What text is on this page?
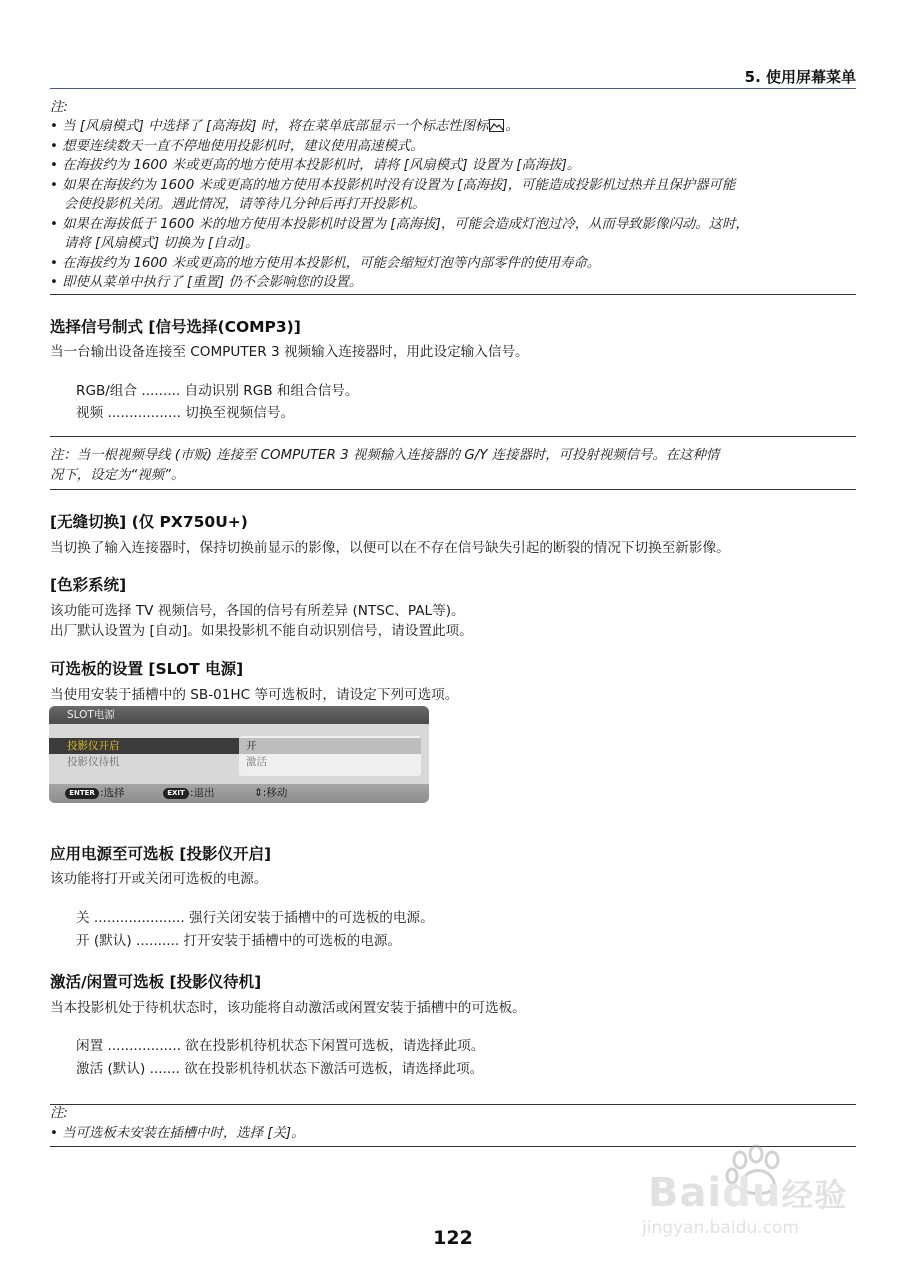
5. 使用屏幕菜单
注:
• 当 [风扇模式] 中选择了 [高海拔] 时，将在菜单底部显示一个标志性图标 。
• 想要连续数天一直不停地使用投影机时，建议使用高速模式。
• 在海拔约为 1600 米或更高的地方使用本投影机时，请将 [风扇模式] 设置为 [高海拔]。
• 如果在海拔约为 1600 米或更高的地方使用本投影机时没有设置为 [高海拔]，可能造成投影机过热并且保护器可能
会使投影机关闭。遇此情况，请等待几分钟后再打开投影机。
• 如果在海拔低于 1600 米的地方使用本投影机时设置为 [高海拔]，可能会造成灯泡过冷，从而导致影像闪动。这时，
请将 [风扇模式] 切换为 [自动]。
• 在海拔约为 1600 米或更高的地方使用本投影机，可能会缩短灯泡等内部零件的使用寿命。
• 即使从菜单中执行了 [重置] 仍不会影响您的设置。
选择信号制式 [信号选择(COMP3)]
当一台输出设备连接至 COMPUTER 3 视频输入连接器时，用此设定输入信号。
RGB/组合 ......... 自动识别 RGB 和组合信号。
视频 ................. 切换至视频信号。
注：当一根视频导线 (市贩) 连接至 COMPUTER 3 视频输入连接器的 G/Y 连接器时，可投射视频信号。在这种情
况下，设定为“视频”。
[无缝切换] (仅 PX750U+)
当切换了输入连接器时，保持切换前显示的影像，以便可以在不存在信号缺失引起的断裂的情况下切换至新影像。
[色彩系统]
该功能可选择 TV 视频信号，各国的信号有所差异 (NTSC、PAL等)。
出厂默认设置为 [自动]。如果投影机不能自动识别信号，请设置此项。
可选板的设置 [SLOT 电源]
当使用安装于插槽中的 SB-01HC 等可选板时，请设定下列可选项。
SLOT电源
投影仪开启	开
投影仪待机	激活
ENTER :选择	EXIT :退出	⇕:移动
应用电源至可选板 [投影仪开启]
该功能将打开或关闭可选板的电源。
关 ..................... 强行关闭安装于插槽中的可选板的电源。
开 (默认) .......... 打开安装于插槽中的可选板的电源。
激活/闲置可选板 [投影仪待机]
当本投影机处于待机状态时，该功能将自动激活或闲置安装于插槽中的可选板。
闲置 ................. 欲在投影机待机状态下闲置可选板，请选择此项。
激活 (默认) ....... 欲在投影机待机状态下激活可选板，请选择此项。
注:
• 当可选板未安装在插槽中时，选择 [关]。
Baidu经验
jingyan.baidu.com
122
